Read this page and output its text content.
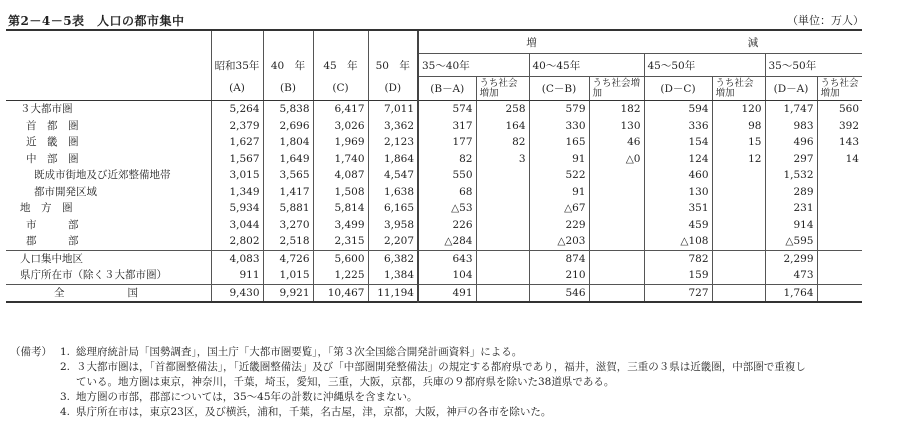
第2－4－5表　人口の都市集中	（単位：万人）
					増				減			
	昭和35年	40　年	45　年	50　年	35～40年		40～45年		45～50年		35～50年	
	(A)	(B)	(C)	(D)	(B－A)	うち社会増加	(C－B)	うち社会増加	(D－C)	うち社会増加	(D－A)	うち社会増加
３大都市圏	5,264	5,838	6,417	7,011	574	258	579	182	594	120	1,747	560
首　都　圏	2,379	2,696	3,026	3,362	317	164	330	130	336	98	983	392
近　畿　圏	1,627	1,804	1,969	2,123	177	82	165	46	154	15	496	143
中　部　圏	1,567	1,649	1,740	1,864	82	3	91	△0	124	12	297	14
既成市街地及び近郊整備地帯	3,015	3,565	4,087	4,547	550		522		460		1,532	
都市開発区域	1,349	1,417	1,508	1,638	68		91		130		289	
地　方　圏	5,934	5,881	5,814	6,165	△53		△67		351		231	
市　　　部	3,044	3,270	3,499	3,958	226		229		459		914	
郡　　　部	2,802	2,518	2,315	2,207	△284		△203		△108		△595	
人口集中地区	4,083	4,726	5,600	6,382	643		874		782		2,299	
県庁所在市（除く３大都市圏）	911	1,015	1,225	1,384	104		210		159		473	
全　　　　　　国	9,430	9,921	10,467	11,194	491		546		727		1,764	
（備考） 1. 総理府統計局「国勢調査」，国土庁「大都市圏要覧」，「第３次全国総合開発計画資料」による。
2. ３大都市圏は，「首都圏整備法」，「近畿圏整備法」及び「中部圏開発整備法」の規定する都府県であり，福井，滋賀，三重の３県は近畿圏，中部圏で重複し
ている。地方圏は東京，神奈川，千葉，埼玉，愛知，三重，大阪，京都，兵庫の９都府県を除いた38道県である。
3. 地方圏の市部，郡部については，35～45年の計数に沖縄県を含まない。
4. 県庁所在市は，東京23区，及び横浜，浦和，千葉，名古屋，津，京都，大阪，神戸の各市を除いた。
